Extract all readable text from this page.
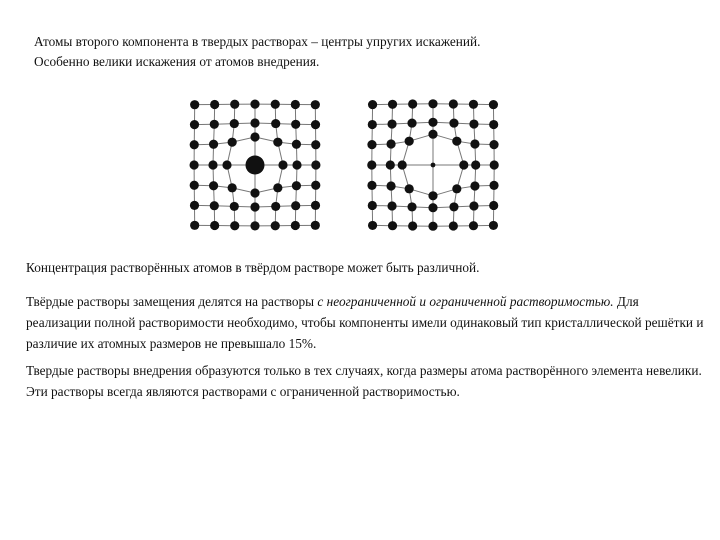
Атомы второго компонента в твердых растворах – центры упругих искажений.
Особенно велики искажения от атомов внедрения.
Концентрация растворённых атомов в твёрдом растворе может быть различной.
Твёрдые растворы замещения делятся на растворы с неограниченной и ограниченной растворимостью. Для реализации полной растворимости необходимо, чтобы компоненты имели одинаковый тип кристаллической решётки и различие их атомных размеров не превышало 15%.
Твердые растворы внедрения образуются только в тех случаях, когда размеры атома растворённого элемента невелики. Эти растворы всегда являются растворами с ограниченной растворимостью.
